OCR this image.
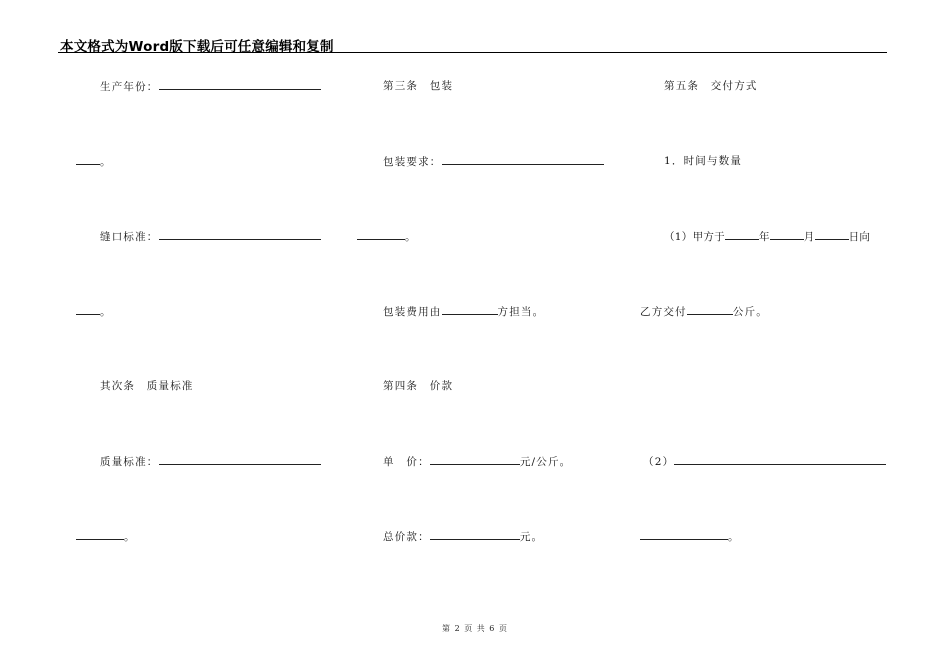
本文格式为Word版下载后可任意编辑和复制
生产年份：
。
缝口标准：
。
其次条　质量标准
质量标准：
。
第三条　包装
包装要求：
。
包装费用由	方担当。
第四条　价款
单　价：	元/公斤。
总价款：	元。
第五条　交付方式
1．时间与数量
（1）甲方于	年	月	日向
乙方交付	公斤。
（2）
。
第 2 页 共 6 页
